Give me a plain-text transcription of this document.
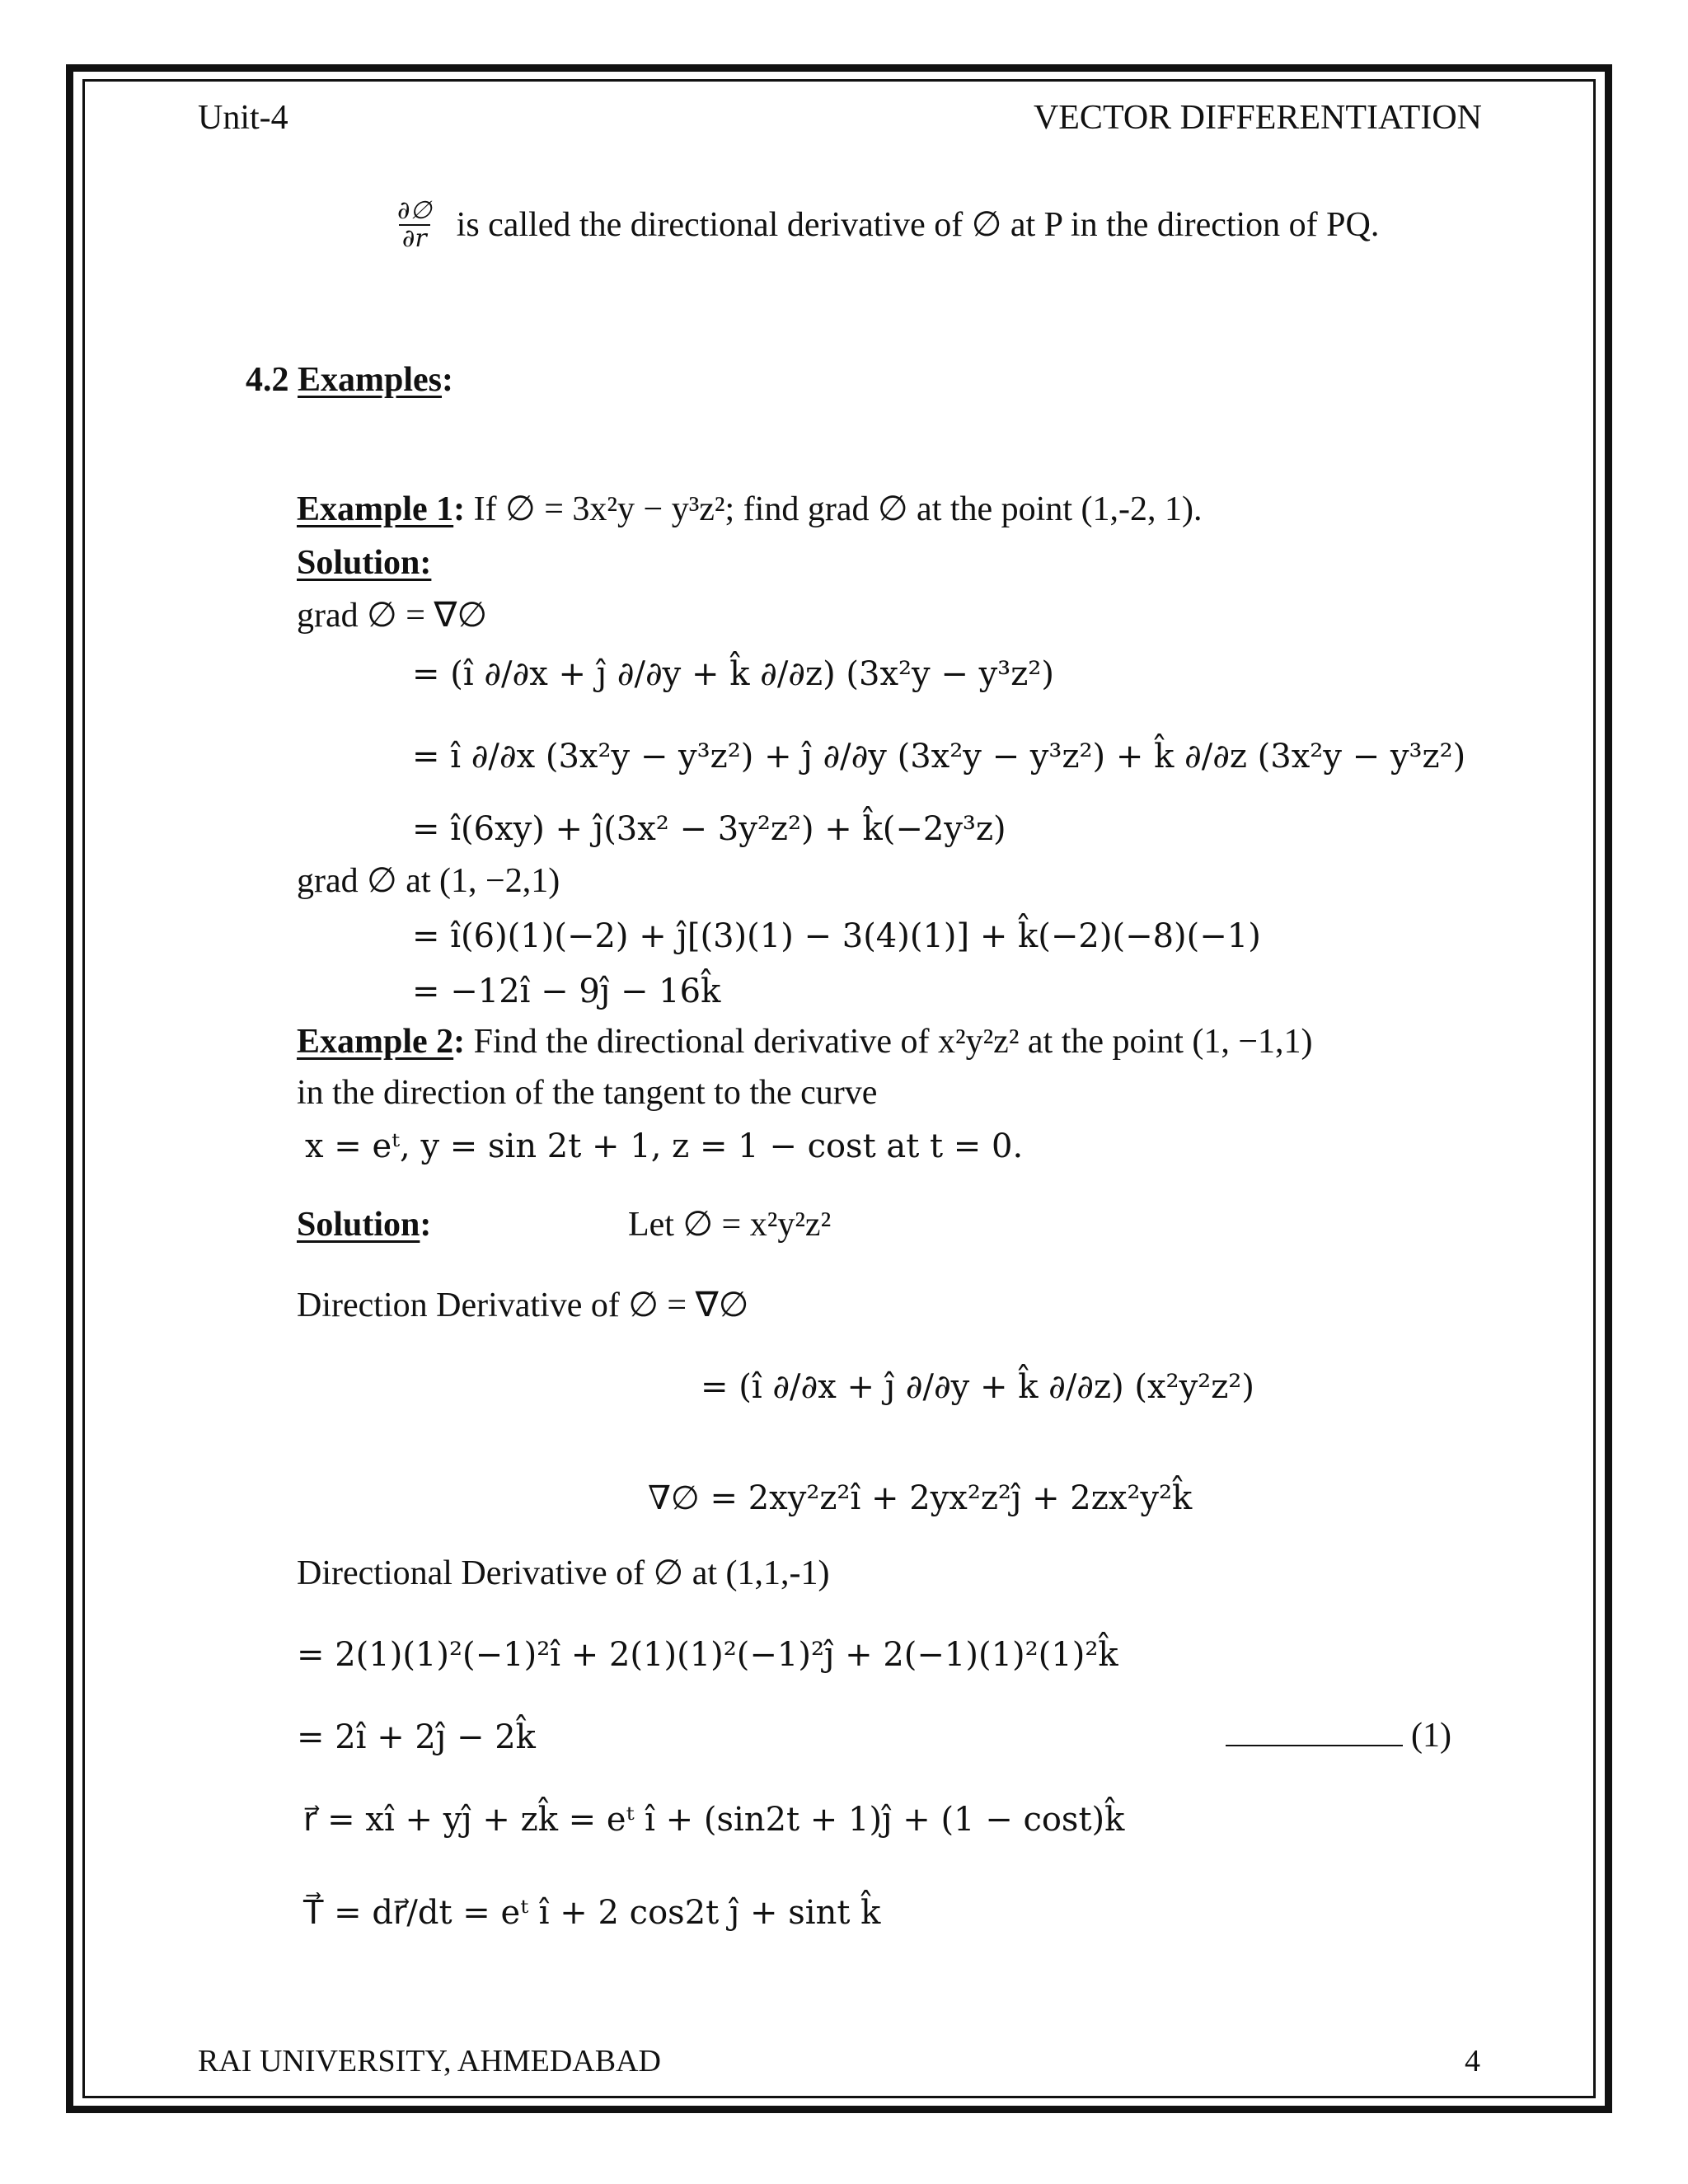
Unit-4	VECTOR DIFFERENTIATION
$\frac{\partial\emptyset}{\partial r}$ is called the directional derivative of ∅ at P in the direction of PQ.
4.2 Examples:
Example 1: If ∅ = 3x²y − y³z²; find grad ∅ at the point (1,-2, 1).
Solution:
grad ∅ = ∇∅
= (î ∂/∂x + ĵ ∂/∂y + k̂ ∂/∂z) (3x²y − y³z²)
= î ∂/∂x (3x²y − y³z²) + ĵ ∂/∂y (3x²y − y³z²) + k̂ ∂/∂z (3x²y − y³z²)
= î(6xy) + ĵ(3x² − 3y²z²) + k̂(−2y³z)
grad ∅ at (1, −2,1)
= î(6)(1)(−2) + ĵ[(3)(1) − 3(4)(1)] + k̂(−2)(−8)(−1)
= −12î − 9ĵ − 16k̂
Example 2: Find the directional derivative of x²y²z² at the point (1, −1,1)
in the direction of the tangent to the curve
x = eᵗ, y = sin 2t + 1, z = 1 − cost at t = 0.
Solution:	Let ∅ = x²y²z²
Direction Derivative of ∅ = ∇∅
= (î ∂/∂x + ĵ ∂/∂y + k̂ ∂/∂z) (x²y²z²)
∇∅ = 2xy²z²î + 2yx²z²ĵ + 2zx²y²k̂
Directional Derivative of ∅ at (1,1,-1)
= 2(1)(1)²(−1)²î + 2(1)(1)²(−1)²ĵ + 2(−1)(1)²(1)²k̂
= 2î + 2ĵ − 2k̂	(1)
r⃗ = xî + yĵ + zk̂ = eᵗ î + (sin2t + 1)ĵ + (1 − cost)k̂
T⃗ = dr⃗/dt = eᵗ î + 2 cos2t ĵ + sint k̂
RAI UNIVERSITY, AHMEDABAD	4
